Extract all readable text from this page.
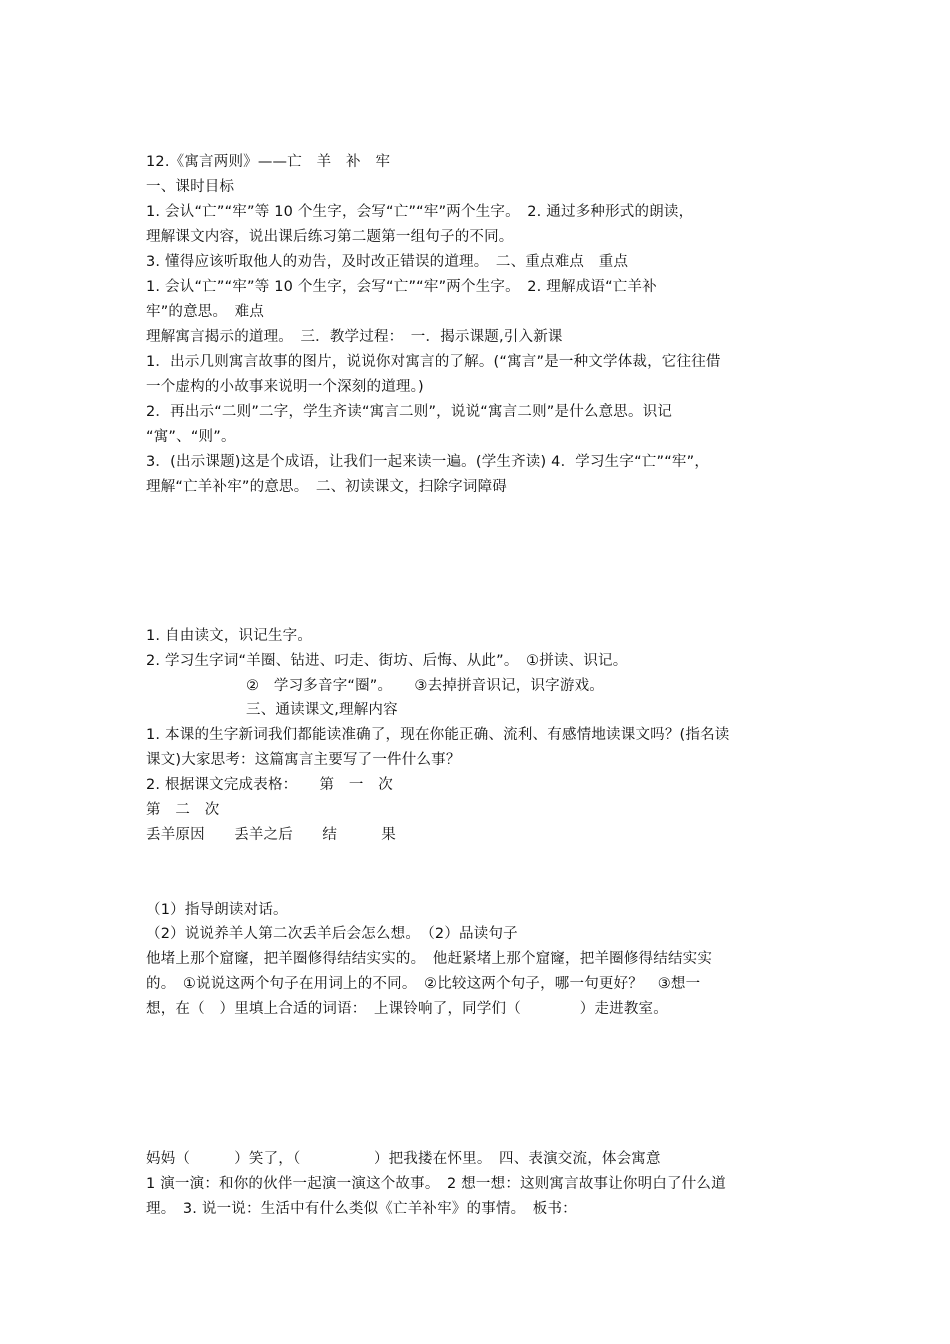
12.《寓言两则》——亡　羊　补　牢
一、课时目标
1. 会认“亡”“牢”等 10 个生字，会写“亡”“牢”两个生字。　2. 通过多种形式的朗读，
理解课文内容，说出课后练习第二题第一组句子的不同。
3. 懂得应该听取他人的劝告，及时改正错误的道理。　二、重点难点　重点
1. 会认“亡”“牢”等 10 个生字，会写“亡”“牢”两个生字。　2. 理解成语“亡羊补
牢”的意思。　难点
理解寓言揭示的道理。　三．教学过程：　一．揭示课题,引入新课
1．出示几则寓言故事的图片，说说你对寓言的了解。(“寓言”是一种文学体裁，它往往借
一个虚构的小故事来说明一个深刻的道理。)
2．再出示“二则”二字，学生齐读“寓言二则”，说说“寓言二则”是什么意思。识记
“寓”、“则”。
3．(出示课题)这是个成语，让我们一起来读一遍。(学生齐读) 4．学习生字“亡”“牢”，
理解“亡羊补牢”的意思。　二、初读课文，扫除字词障碍
1. 自由读文，识记生字。
2. 学习生字词“羊圈、钻进、叼走、街坊、后悔、从此”。　①拼读、识记。
②　学习多音字“圈”。　　③去掉拼音识记，识字游戏。
三、通读课文,理解内容
1. 本课的生字新词我们都能读准确了，现在你能正确、流利、有感情地读课文吗？(指名读
课文)大家思考：这篇寓言主要写了一件什么事？
2. 根据课文完成表格：　　第　一　次
第　二　次
丢羊原因　　丢羊之后　　结　　　果
（1）指导朗读对话。
（2）说说养羊人第二次丢羊后会怎么想。　（2）品读句子
他堵上那个窟窿，把羊圈修得结结实实的。　他赶紧堵上那个窟窿，把羊圈修得结结实实
的。　①说说这两个句子在用词上的不同。　②比较这两个句子，哪一句更好？　③想一
想，在（　）里填上合适的词语：　上课铃响了，同学们（　　　　）走进教室。
妈妈（　　　）笑了，（　　　　　）把我搂在怀里。　四、表演交流，体会寓意
1 演一演：和你的伙伴一起演一演这个故事。　2 想一想：这则寓言故事让你明白了什么道
理。　3. 说一说：生活中有什么类似《亡羊补牢》的事情。　板书：
